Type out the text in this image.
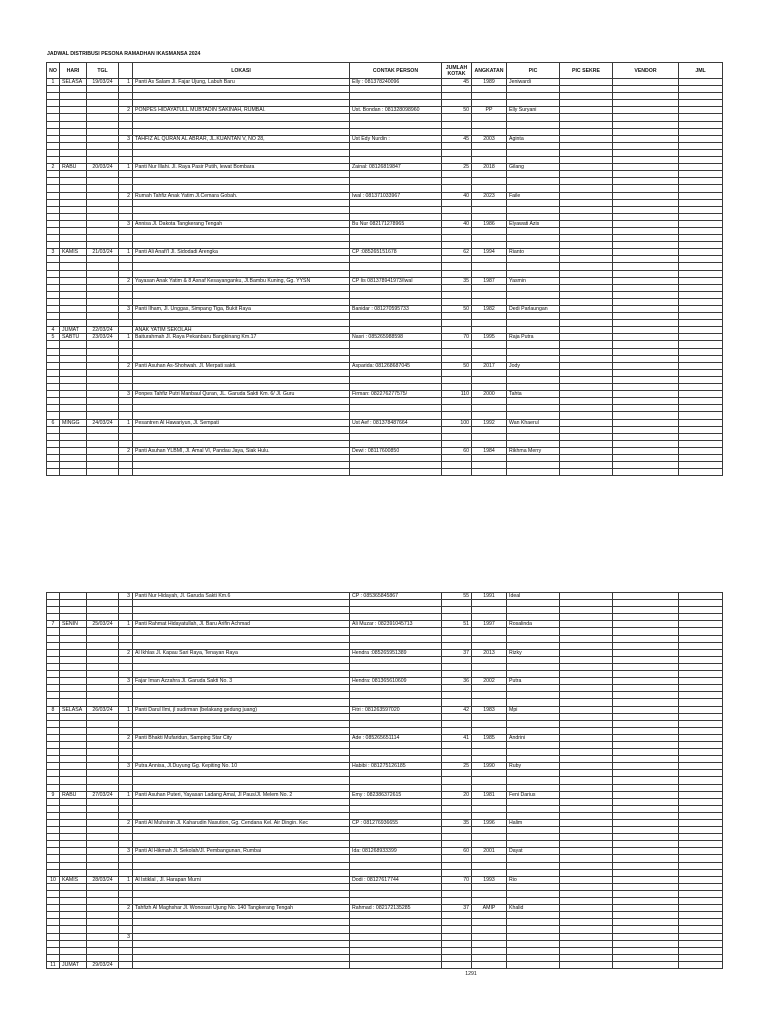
JADWAL DISTRIBUSI PESONA RAMADHAN IKASMANSA 2024
NO	HARI	TGL		LOKASI	CONTAK PERSON	JUMLAH KOTAK	ANGKATAN	PIC	PIC SEKRE	VENDOR	JML
1	SELASA	19/03/24	1	Panti As Salam Jl. Fajar Ujung, Labuh Baru	Elly : 081378240096	45	1989	Jeniwardi			

			2	PONPES HIDAYATULL MUBTADIN SAKINAH, RUMBAI.	Ust. Bondan : 081328098960	50	PP	Elly Suryani			

			3	TAHFIZ AL QURAN AL ABRAR, JL.KUANTAN V, NO 28,	Ust Edy Nurdin :	45	2003	Aginta			

2	RABU	20/03/24	1	Panti Nur Illahi. Jl. Raya Pasir Putih, lewat Bombara	Zainal: 08126819847	25	2018	Gilang			

			2	Rumah Tahfiz Anak Yatim Jl.Cemara Gobah.	Iwal : 081371033967	40	2023	Faile			

			3	Annisa Jl. Dakota Tangkerang Tengah	Bu Nur 082171278965	40	1986	Elyawati Azis			

3	KAMIS	21/03/24	1	Panti Ali Anafi'I Jl. Sidodadi Arengka	CP :085265151678	62	1994	Rianto			

			2	Yayasan Anak Yatim & 8 Asnaf Kesayanganku, Jl.Bambu Kuning, Gg. YYSN	CP Iis 081378941973/Iwal	35	1987	Yasmin			

			3	Panti Ilham, Jl. Unggas, Simpang Tiga, Bukit Raya	Banidar : 081270595733	50	1982	Dedi Parlaungan			

4	JUMAT	22/03/24		ANAK YATIM SEKOLAH							
5	SABTU	23/03/24	1	Baiturahmah Jl. Raya Pekanbaru Bangkinang Km.17	Nasri : 085265988598	70	1995	Raja Putra			

			2	Panti Asuhan As-Shohwah. Jl. Merpati sakti.	Asparida: 081268687045	50	2017	Jody			

			3	Ponpes Tahfiz Putri Manbaul Quran, JL. Garuda Sakti Km. 6/ Jl. Guru	Firman: 082276277575/	110	2000	Tahta			

6	MINGG	24/03/24	1	Pesantren Al Hawariyun, Jl. Sempati	Ust Aef : 081378487664	100	1992	Wan Khaerul			

			2	Panti Asuhan YLBMI, Jl. Amal VI, Pandau Jaya, Siak Hulu.	Dewi : 08117600850	60	1984	Rikhma Merry			

			3	Panti Nur Hidayah, Jl. Garuda Sakti Km.6	CP : 085365845867	55	1991	Ideal			

7	SENIN	25/03/24	1	Panti Rahmat Hidayatullah, Jl. Baru Arifin Achmad	Ali Muzar : 082391045713	51	1997	Rosalinda			

			2	Al Ikhlas Jl. Kapau Sari Raya, Tenayan Raya	Hendra :085265951389	37	2013	Rizky			

			3	Fajar Iman Azzahra Jl. Garuda Sakti No. 3	Hendra: 081365610609	36	2002	Putra			

8	SELASA	26/03/24	1	Panti Darul Ilmi, jl sudirman (belakang gedung juang)	Fitri : 081263597020	42	1983	Mpi			

			2	Panti Bhakti Mufaridun, Samping Star City	Ade : 085265651114	41	1985	Andrini			

			3	Putra Annisa, Jl.Duyung Gg. Kepiting No. 10	Habibi : 081275126185	25	1990	Ruby			

9	RABU	27/03/24	1	Panti Asuhan Puteri, Yayasan Ladang Amal, Jl Paus/Jl. Melem No. 2	Emy : 082386372615	20	1981	Feni Darius			

			2	Panti Al Muhsinin Jl. Kaharudin Nasution, Gg. Cendana Kel. Air Dingin. Kec	CP : 081276936655	35	1996	Halim			

			3	Panti Al Hikmah Jl. Sekolah/Jl. Pembangunan, Rumbai	Ida: 081268933399	60	2001	Dayat			

10	KAMIS	28/03/24	1	Al Istiklal , Jl. Harapan Murni	Dodi : 08127617744	70	1993	Rio			

			2	Tahfizh Al Maghshar Jl. Wonosari Ujung No. 140 Tangkerang Tengah	Rahmad : 082172135285	37	AMIP	Khalid			

			3								

11	JUMAT	29/03/24									
1291
